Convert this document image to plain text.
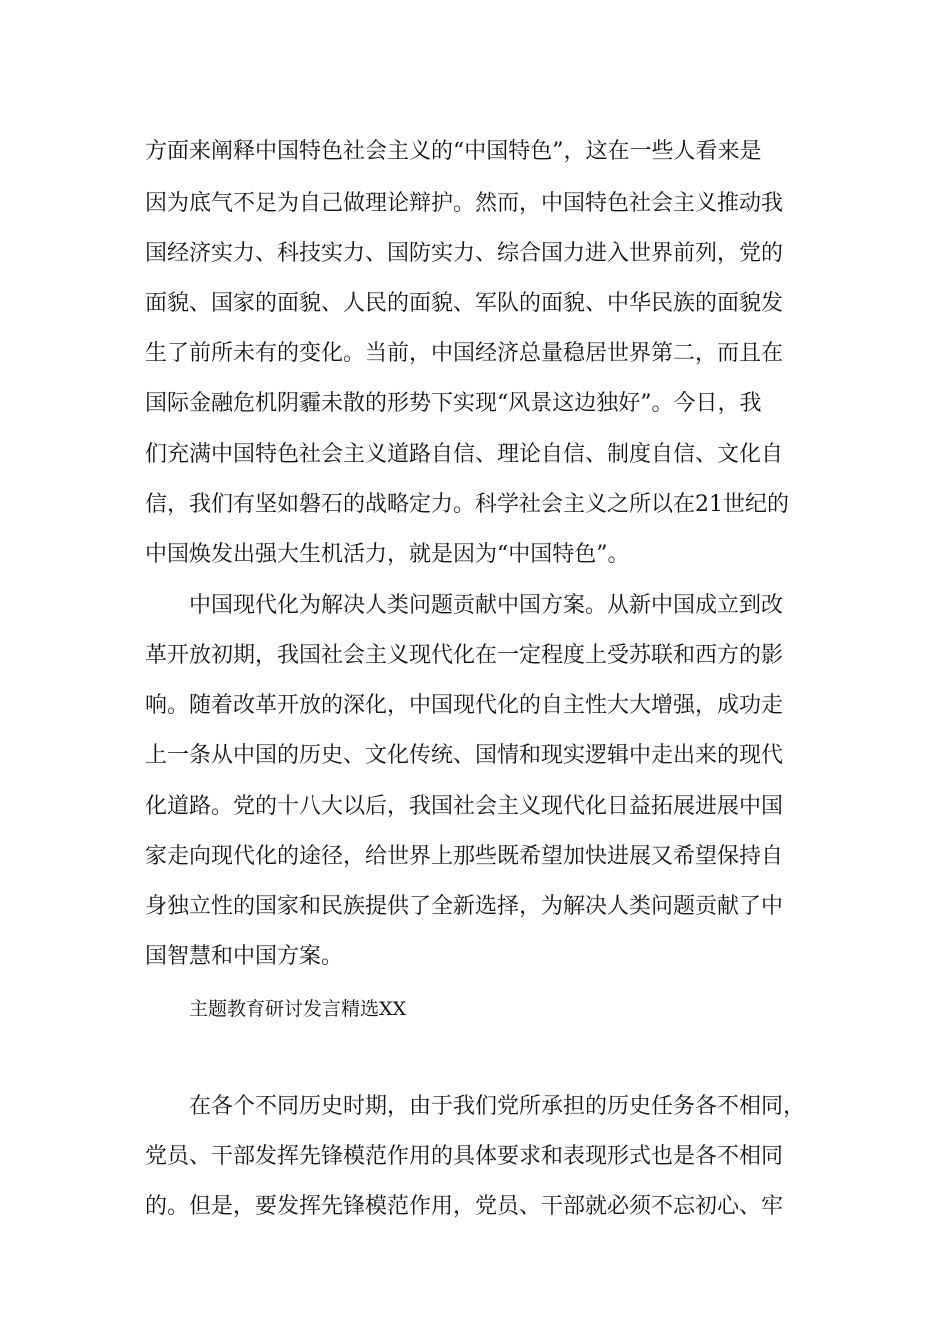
方面来阐释中国特色社会主义的“中国特色”，这在一些人看来是
因为底气不足为自己做理论辩护。然而，中国特色社会主义推动我
国经济实力、科技实力、国防实力、综合国力进入世界前列，党的
面貌、国家的面貌、人民的面貌、军队的面貌、中华民族的面貌发
生了前所未有的变化。当前，中国经济总量稳居世界第二，而且在
国际金融危机阴霾未散的形势下实现“风景这边独好”。今日，我
们充满中国特色社会主义道路自信、理论自信、制度自信、文化自
信，我们有坚如磐石的战略定力。科学社会主义之所以在21世纪的
中国焕发出强大生机活力，就是因为“中国特色”。
中国现代化为解决人类问题贡献中国方案。从新中国成立到改
革开放初期，我国社会主义现代化在一定程度上受苏联和西方的影
响。随着改革开放的深化，中国现代化的自主性大大增强，成功走
上一条从中国的历史、文化传统、国情和现实逻辑中走出来的现代
化道路。党的十八大以后，我国社会主义现代化日益拓展进展中国
家走向现代化的途径，给世界上那些既希望加快进展又希望保持自
身独立性的国家和民族提供了全新选择，为解决人类问题贡献了中
国智慧和中国方案。
主题教育研讨发言精选XX
在各个不同历史时期，由于我们党所承担的历史任务各不相同，
党员、干部发挥先锋模范作用的具体要求和表现形式也是各不相同
的。但是，要发挥先锋模范作用，党员、干部就必须不忘初心、牢
